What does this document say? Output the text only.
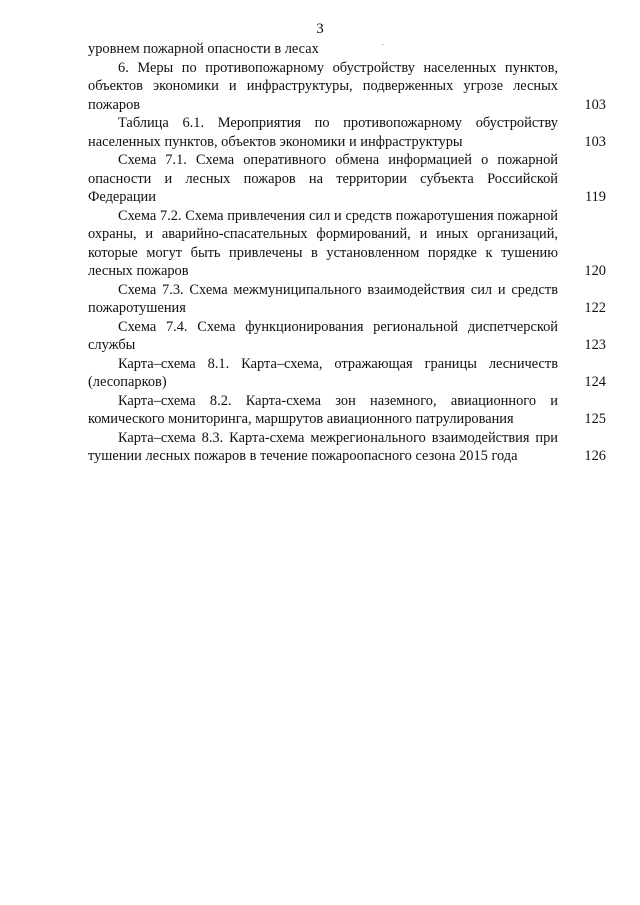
3
.
уровнем пожарной опасности в лесах
6. Меры по противопожарному обустройству населенных пунктов, объектов экономики и инфраструктуры, подверженных угрозе лесных пожаров	103
Таблица 6.1. Мероприятия по противопожарному обустройству населенных пунктов, объектов экономики и инфраструктуры	103
Схема 7.1. Схема оперативного обмена информацией о пожарной опасности и лесных пожаров на территории субъекта Российской Федерации	119
Схема 7.2. Схема привлечения сил и средств пожаротушения пожарной охраны, и аварийно-спасательных формирований, и иных организаций, которые могут быть привлечены в установленном порядке к тушению лесных пожаров	120
Схема 7.3. Схема межмуниципального взаимодействия сил и средств пожаротушения	122
Схема 7.4. Схема функционирования региональной диспетчерской службы	123
Карта–схема 8.1. Карта–схема, отражающая границы лесничеств (лесопарков)	124
Карта–схема 8.2. Карта-схема зон наземного, авиационного и комического мониторинга, маршрутов авиационного патрулирования	125
Карта–схема 8.3. Карта-схема межрегионального взаимодействия при тушении лесных пожаров в течение пожароопасного сезона 2015 года	126
